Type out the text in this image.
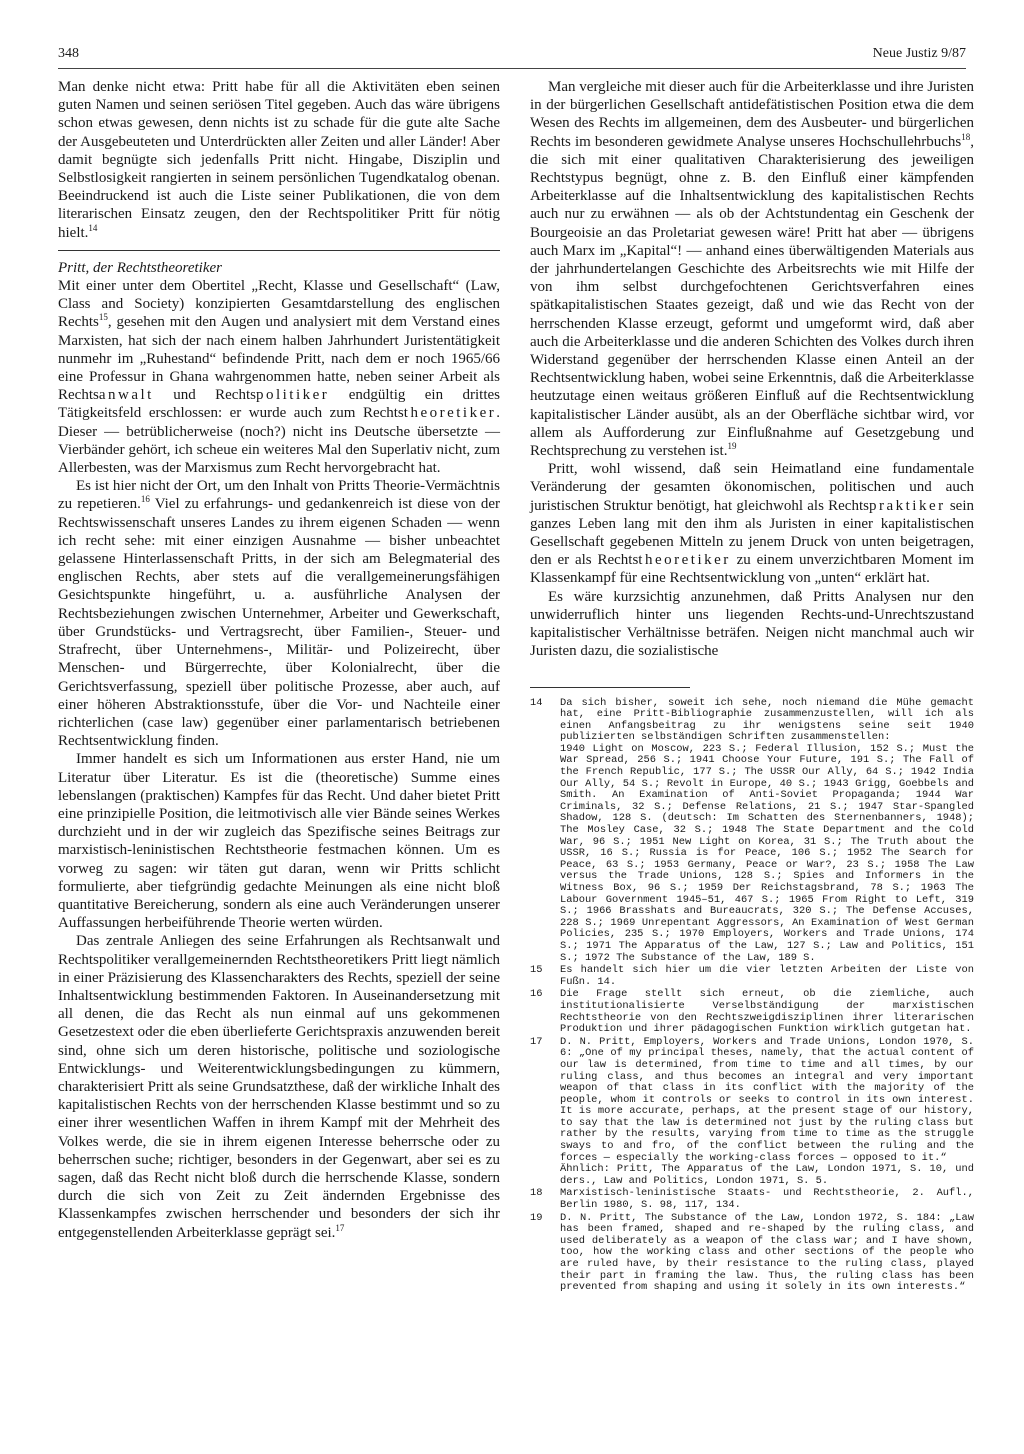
348	Neue Justiz 9/87

Man denke nicht etwa: Pritt habe für all die Aktivitäten eben seinen guten Namen und seinen seriösen Titel gegeben. Auch das wäre übrigens schon etwas gewesen, denn nichts ist zu schade für die gute alte Sache der Ausgebeuteten und Unterdrückten aller Zeiten und aller Länder! Aber damit begnügte sich jedenfalls Pritt nicht. Hingabe, Disziplin und Selbstlosigkeit rangierten in seinem persönlichen Tugendkatalog obenan. Beeindruckend ist auch die Liste seiner Publikationen, die von dem literarischen Einsatz zeugen, den der Rechtspolitiker Pritt für nötig hielt.$^{14}$

Pritt, der Rechtstheoretiker

Mit einer unter dem Obertitel „Recht, Klasse und Gesellschaft“ (Law, Class and Society) konzipierten Gesamtdarstellung des englischen Rechts$^{15}$, gesehen mit den Augen und analysiert mit dem Verstand eines Marxisten, hat sich der nach einem halben Jahrhundert Juristentätigkeit nunmehr im „Ruhestand“ befindende Pritt, nach dem er noch 1965/66 eine Professur in Ghana wahrgenommen hatte, neben seiner Arbeit als Rechtsanwalt und Rechtspolitiker endgültig ein drittes Tätigkeitsfeld erschlossen: er wurde auch zum Rechtstheoretiker. Dieser — betrüblicherweise (noch?) nicht ins Deutsche übersetzte — Vierbänder gehört, ich scheue ein weiteres Mal den Superlativ nicht, zum Allerbesten, was der Marxismus zum Recht hervorgebracht hat.

Es ist hier nicht der Ort, um den Inhalt von Pritts Theorie-Vermächtnis zu repetieren.$^{16}$ Viel zu erfahrungs- und gedankenreich ist diese von der Rechtswissenschaft unseres Landes zu ihrem eigenen Schaden — wenn ich recht sehe: mit einer einzigen Ausnahme — bisher unbeachtet gelassene Hinterlassenschaft Pritts, in der sich am Belegmaterial des englischen Rechts, aber stets auf die verallgemeinerungsfähigen Gesichtspunkte hingeführt, u. a. ausführliche Analysen der Rechtsbeziehungen zwischen Unternehmer, Arbeiter und Gewerkschaft, über Grundstücks- und Vertragsrecht, über Familien-, Steuer- und Strafrecht, über Unternehmens-, Militär- und Polizeirecht, über Menschen- und Bürgerrechte, über Kolonialrecht, über die Gerichtsverfassung, speziell über politische Prozesse, aber auch, auf einer höheren Abstraktionsstufe, über die Vor- und Nachteile einer richterlichen (case law) gegenüber einer parlamentarisch betriebenen Rechtsentwicklung finden.

Immer handelt es sich um Informationen aus erster Hand, nie um Literatur über Literatur. Es ist die (theoretische) Summe eines lebenslangen (praktischen) Kampfes für das Recht. Und daher bietet Pritt eine prinzipielle Position, die leitmotivisch alle vier Bände seines Werkes durchzieht und in der wir zugleich das Spezifische seines Beitrags zur marxistisch-leninistischen Rechtstheorie festmachen können. Um es vorweg zu sagen: wir täten gut daran, wenn wir Pritts schlicht formulierte, aber tiefgründig gedachte Meinungen als eine nicht bloß quantitative Bereicherung, sondern als eine auch Veränderungen unserer Auffassungen herbeiführende Theorie werten würden.

Das zentrale Anliegen des seine Erfahrungen als Rechtsanwalt und Rechtspolitiker verallgemeinernden Rechtstheoretikers Pritt liegt nämlich in einer Präzisierung des Klassencharakters des Rechts, speziell der seine Inhaltsentwicklung bestimmenden Faktoren. In Auseinandersetzung mit all denen, die das Recht als nun einmal auf uns gekommenen Gesetzestext oder die eben überlieferte Gerichtspraxis anzuwenden bereit sind, ohne sich um deren historische, politische und soziologische Entwicklungs- und Weiterentwicklungsbedingungen zu kümmern, charakterisiert Pritt als seine Grundsatzthese, daß der wirkliche Inhalt des kapitalistischen Rechts von der herrschenden Klasse bestimmt und so zu einer ihrer wesentlichen Waffen in ihrem Kampf mit der Mehrheit des Volkes werde, die sie in ihrem eigenen Interesse beherrsche oder zu beherrschen suche; richtiger, besonders in der Gegenwart, aber sei es zu sagen, daß das Recht nicht bloß durch die herrschende Klasse, sondern durch die sich von Zeit zu Zeit ändernden Ergebnisse des Klassenkampfes zwischen herrschender und besonders der sich ihr entgegenstellenden Arbeiterklasse geprägt sei.$^{17}$

Man vergleiche mit dieser auch für die Arbeiterklasse und ihre Juristen in der bürgerlichen Gesellschaft antidefätistischen Position etwa die dem Wesen des Rechts im allgemeinen, dem des Ausbeuter- und bürgerlichen Rechts im besonderen gewidmete Analyse unseres Hochschullehrbuchs$^{18}$, die sich mit einer qualitativen Charakterisierung des jeweiligen Rechtstypus begnügt, ohne z. B. den Einfluß einer kämpfenden Arbeiterklasse auf die Inhaltsentwicklung des kapitalistischen Rechts auch nur zu erwähnen — als ob der Achtstundentag ein Geschenk der Bourgeoisie an das Proletariat gewesen wäre! Pritt hat aber — übrigens auch Marx im „Kapital“! — anhand eines überwältigenden Materials aus der jahrhundertelangen Geschichte des Arbeitsrechts wie mit Hilfe der von ihm selbst durchgefochtenen Gerichtsverfahren eines spätkapitalistischen Staates gezeigt, daß und wie das Recht von der herrschenden Klasse erzeugt, geformt und umgeformt wird, daß aber auch die Arbeiterklasse und die anderen Schichten des Volkes durch ihren Widerstand gegenüber der herrschenden Klasse einen Anteil an der Rechtsentwicklung haben, wobei seine Erkenntnis, daß die Arbeiterklasse heutzutage einen weitaus größeren Einfluß auf die Rechtsentwicklung kapitalistischer Länder ausübt, als an der Oberfläche sichtbar wird, vor allem als Aufforderung zur Einflußnahme auf Gesetzgebung und Rechtsprechung zu verstehen ist.$^{19}$

Pritt, wohl wissend, daß sein Heimatland eine fundamentale Veränderung der gesamten ökonomischen, politischen und auch juristischen Struktur benötigt, hat gleichwohl als Rechtspraktiker sein ganzes Leben lang mit den ihm als Juristen in einer kapitalistischen Gesellschaft gegebenen Mitteln zu jenem Druck von unten beigetragen, den er als Rechtstheoretiker zu einem unverzichtbaren Moment im Klassenkampf für eine Rechtsentwicklung von „unten“ erklärt hat.

Es wäre kurzsichtig anzunehmen, daß Pritts Analysen nur den unwiderruflich hinter uns liegenden Rechts-und-Unrechtszustand kapitalistischer Verhältnisse beträfen. Neigen nicht manchmal auch wir Juristen dazu, die sozialistische

14	Da sich bisher, soweit ich sehe, noch niemand die Mühe gemacht hat, eine Pritt-Bibliographie zusammenzustellen, will ich als einen Anfangsbeitrag zu ihr wenigstens seine seit 1940 publizierten selbständigen Schriften zusammenstellen:
1940 Light on Moscow, 223 S.; Federal Illusion, 152 S.; Must the War Spread, 256 S.; 1941 Choose Your Future, 191 S.; The Fall of the French Republic, 177 S.; The USSR Our Ally, 64 S.; 1942 India Our Ally, 54 S.; Revolt in Europe, 40 S.; 1943 Grigg, Goebbels and Smith. An Examination of Anti-Soviet Propaganda; 1944 War Criminals, 32 S.; Defense Relations, 21 S.; 1947 Star-Spangled Shadow, 128 S. (deutsch: Im Schatten des Sternenbanners, 1948); The Mosley Case, 32 S.; 1948 The State Department and the Cold War, 96 S.; 1951 New Light on Korea, 31 S.; The Truth about the USSR, 16 S.; Russia is for Peace, 106 S.; 1952 The Search for Peace, 63 S.; 1953 Germany, Peace or War?, 23 S.; 1958 The Law versus the Trade Unions, 128 S.; Spies and Informers in the Witness Box, 96 S.; 1959 Der Reichstagsbrand, 78 S.; 1963 The Labour Government 1945–51, 467 S.; 1965 From Right to Left, 319 S.; 1966 Brasshats and Bureaucrats, 320 S.; The Defense Accuses, 228 S.; 1969 Unrepentant Aggressors, An Examination of West German Policies, 235 S.; 1970 Employers, Workers and Trade Unions, 174 S.; 1971 The Apparatus of the Law, 127 S.; Law and Politics, 151 S.; 1972 The Substance of the Law, 189 S.
15	Es handelt sich hier um die vier letzten Arbeiten der Liste von Fußn. 14.
16	Die Frage stellt sich erneut, ob die ziemliche, auch institutionalisierte Verselbständigung der marxistischen Rechtstheorie von den Rechtszweigdisziplinen ihrer literarischen Produktion und ihrer pädagogischen Funktion wirklich gutgetan hat.
17	D. N. Pritt, Employers, Workers and Trade Unions, London 1970, S. 6: „One of my principal theses, namely, that the actual content of our law is determined, from time to time and all times, by our ruling class, and thus becomes an integral and very important weapon of that class in its conflict with the majority of the people, whom it controls or seeks to control in its own interest. It is more accurate, perhaps, at the present stage of our history, to say that the law is determined not just by the ruling class but rather by the results, varying from time to time as the struggle sways to and fro, of the conflict between the ruling and the forces — especially the working-class forces — opposed to it.“
Ähnlich: Pritt, The Apparatus of the Law, London 1971, S. 10, und ders., Law and Politics, London 1971, S. 5.
18	Marxistisch-leninistische Staats- und Rechtstheorie, 2. Aufl., Berlin 1980, S. 98, 117, 134.
19	D. N. Pritt, The Substance of the Law, London 1972, S. 184: „Law has been framed, shaped and re-shaped by the ruling class, and used deliberately as a weapon of the class war; and I have shown, too, how the working class and other sections of the people who are ruled have, by their resistance to the ruling class, played their part in framing the law. Thus, the ruling class has been prevented from shaping and using it solely in its own interests.“
